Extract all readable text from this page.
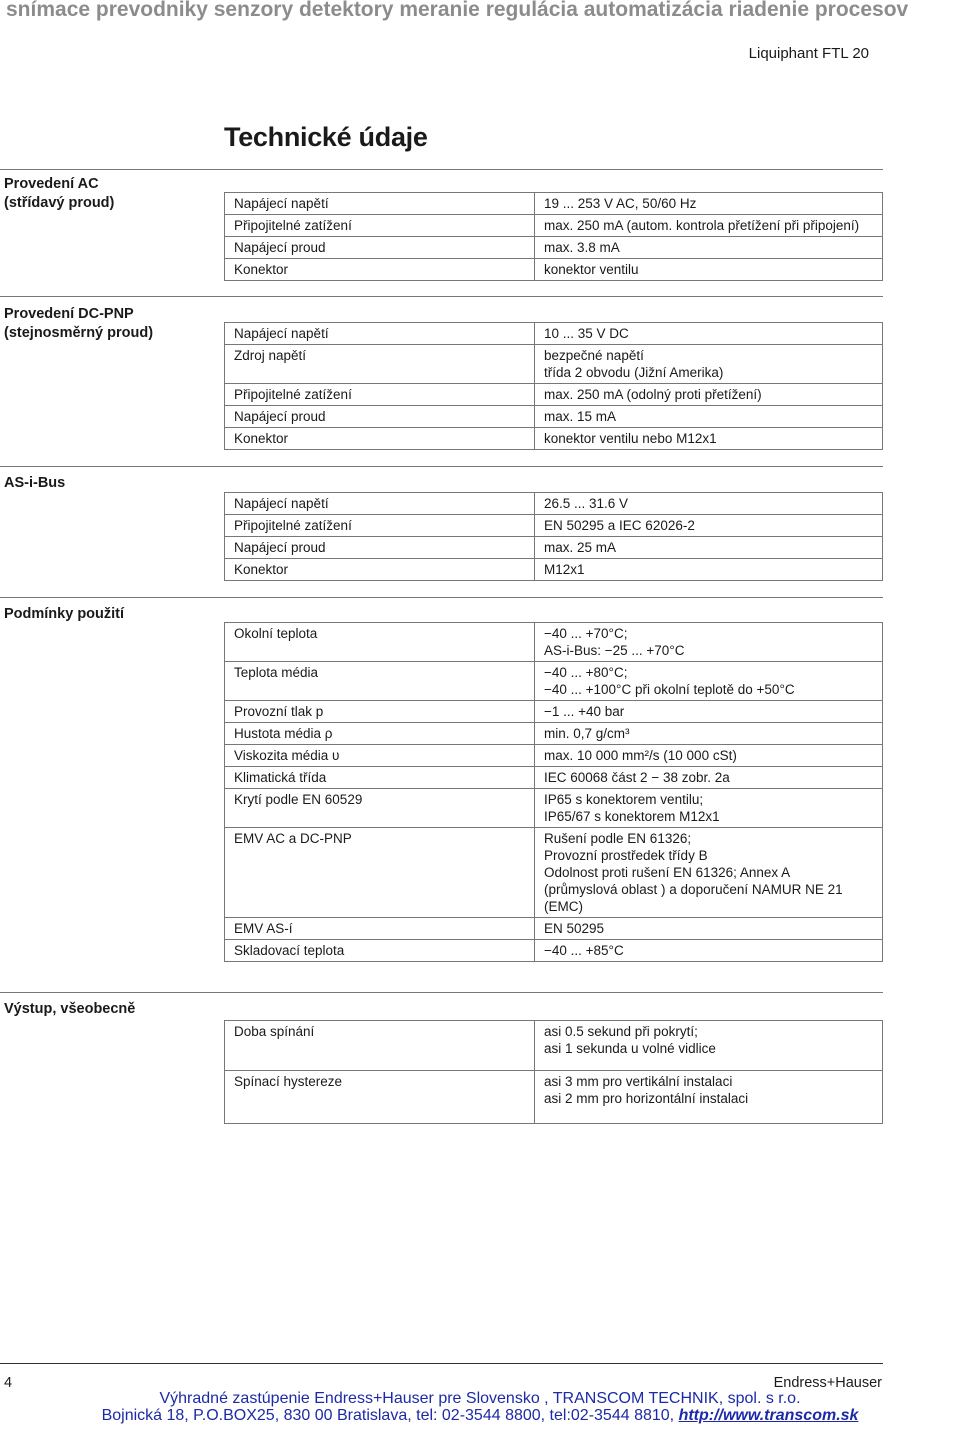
snímace prevodniky senzory detektory meranie regulácia automatizácia riadenie procesov
Liquiphant FTL 20
Technické údaje
Provedení AC
(střídavý proud)	Napájecí napětí	19 ... 253 V AC, 50/60 Hz
Připojitelné zatížení	max. 250 mA (autom. kontrola přetížení při připojení)
Napájecí proud	max. 3.8 mA
Konektor	konektor ventilu
Provedení DC-PNP
(stejnosměrný proud)	Napájecí napětí	10 ... 35 V DC
Zdroj napětí	bezpečné napětí
třída 2 obvodu (Jižní Amerika)
Připojitelné zatížení	max. 250 mA (odolný proti přetížení)
Napájecí proud	max. 15 mA
Konektor	konektor ventilu nebo M12x1
AS-i-Bus
Napájecí napětí	26.5 ... 31.6 V
Připojitelné zatížení	EN 50295 a IEC 62026-2
Napájecí proud	max. 25 mA
Konektor	M12x1
Podmínky použití
Okolní teplota	−40 ... +70°C;
AS-i-Bus: −25 ... +70°C
Teplota média	−40 ... +80°C;
−40 ... +100°C při okolní teplotě do +50°C
Provozní tlak p	−1 ... +40 bar
Hustota média ρ	min. 0,7 g/cm³
Viskozita média υ	max. 10 000 mm²/s (10 000 cSt)
Klimatická třída	IEC 60068 část 2 − 38 zobr. 2a
Krytí podle EN 60529	IP65 s konektorem ventilu;
IP65/67 s konektorem M12x1
EMV AC a DC-PNP	Rušení podle EN 61326;
Provozní prostředek třídy B
Odolnost proti rušení EN 61326; Annex A
(průmyslová oblast ) a doporučení NAMUR NE 21
(EMC)
EMV AS-í	EN 50295
Skladovací teplota	−40 ... +85°C
Výstup, všeobecně
Doba spínání	asi 0.5 sekund při pokrytí;
asi 1 sekunda u volné vidlice
Spínací hystereze	asi 3 mm pro vertikální instalaci
asi 2 mm pro horizontální instalaci
4	Endress+Hauser
Výhradné zastúpenie Endress+Hauser pre Slovensko , TRANSCOM TECHNIK, spol. s r.o.
Bojnická 18, P.O.BOX25, 830 00 Bratislava, tel: 02-3544 8800, tel:02-3544 8810, http://www.transcom.sk
